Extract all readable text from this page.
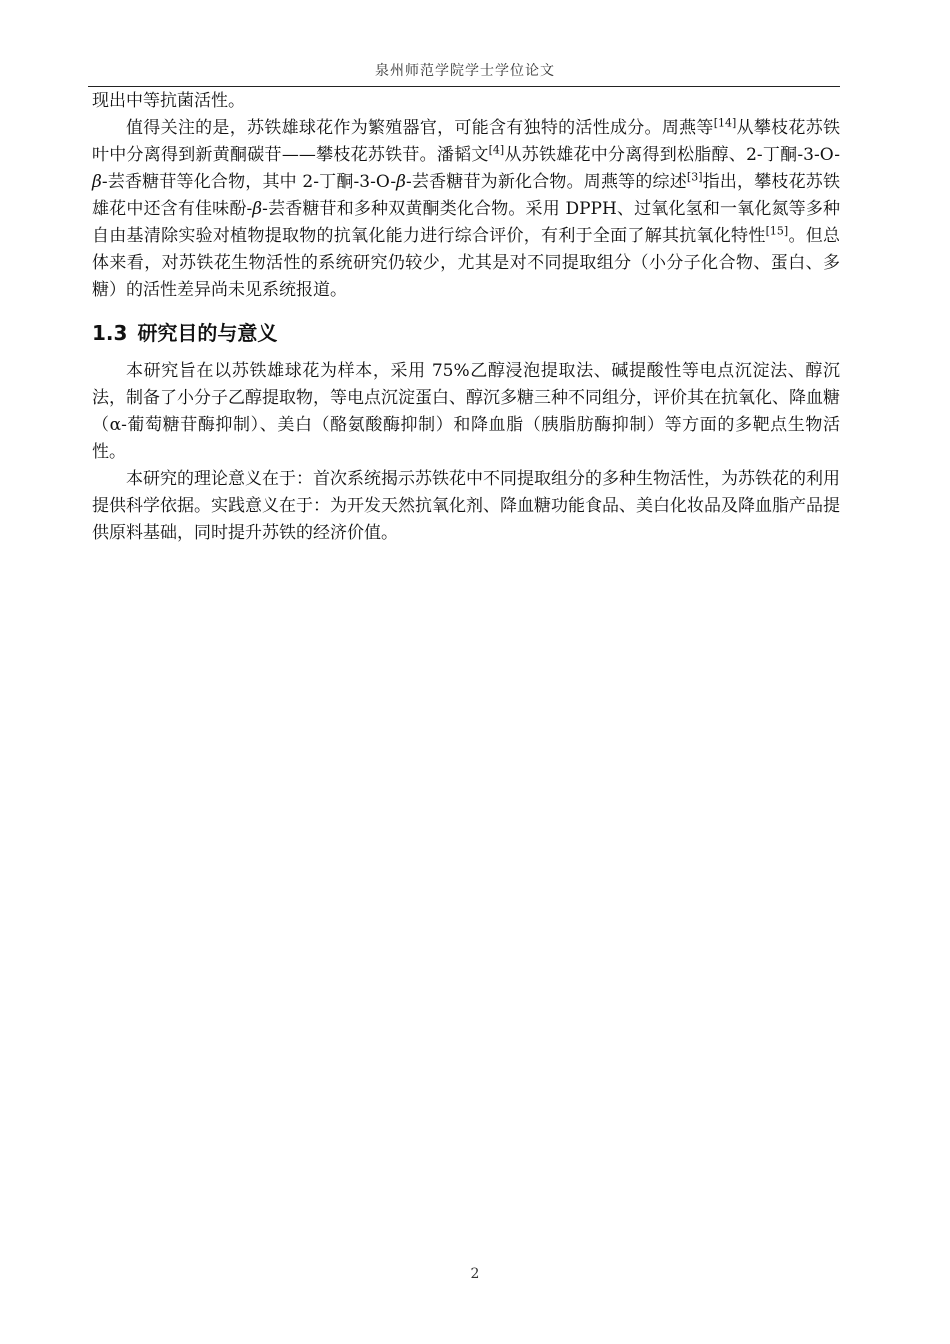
泉州师范学院学士学位论文

现出中等抗菌活性。

值得关注的是，苏铁雄球花作为繁殖器官，可能含有独特的活性成分。周燕等[14]从攀枝花苏铁叶中分离得到新黄酮碳苷——攀枝花苏铁苷。潘韬文[4]从苏铁雄花中分离得到松脂醇、2-丁酮-3-O-β-芸香糖苷等化合物，其中 2-丁酮-3-O-β-芸香糖苷为新化合物。周燕等的综述[3]指出，攀枝花苏铁雄花中还含有佳味酚-β-芸香糖苷和多种双黄酮类化合物。采用 DPPH、过氧化氢和一氧化氮等多种自由基清除实验对植物提取物的抗氧化能力进行综合评价，有利于全面了解其抗氧化特性[15]。但总体来看，对苏铁花生物活性的系统研究仍较少，尤其是对不同提取组分（小分子化合物、蛋白、多糖）的活性差异尚未见系统报道。

1.3 研究目的与意义

本研究旨在以苏铁雄球花为样本，采用 75%乙醇浸泡提取法、碱提酸性等电点沉淀法、醇沉法，制备了小分子乙醇提取物，等电点沉淀蛋白、醇沉多糖三种不同组分，评价其在抗氧化、降血糖（α-葡萄糖苷酶抑制）、美白（酪氨酸酶抑制）和降血脂（胰脂肪酶抑制）等方面的多靶点生物活性。

本研究的理论意义在于：首次系统揭示苏铁花中不同提取组分的多种生物活性，为苏铁花的利用提供科学依据。实践意义在于：为开发天然抗氧化剂、降血糖功能食品、美白化妆品及降血脂产品提供原料基础，同时提升苏铁的经济价值。

2
